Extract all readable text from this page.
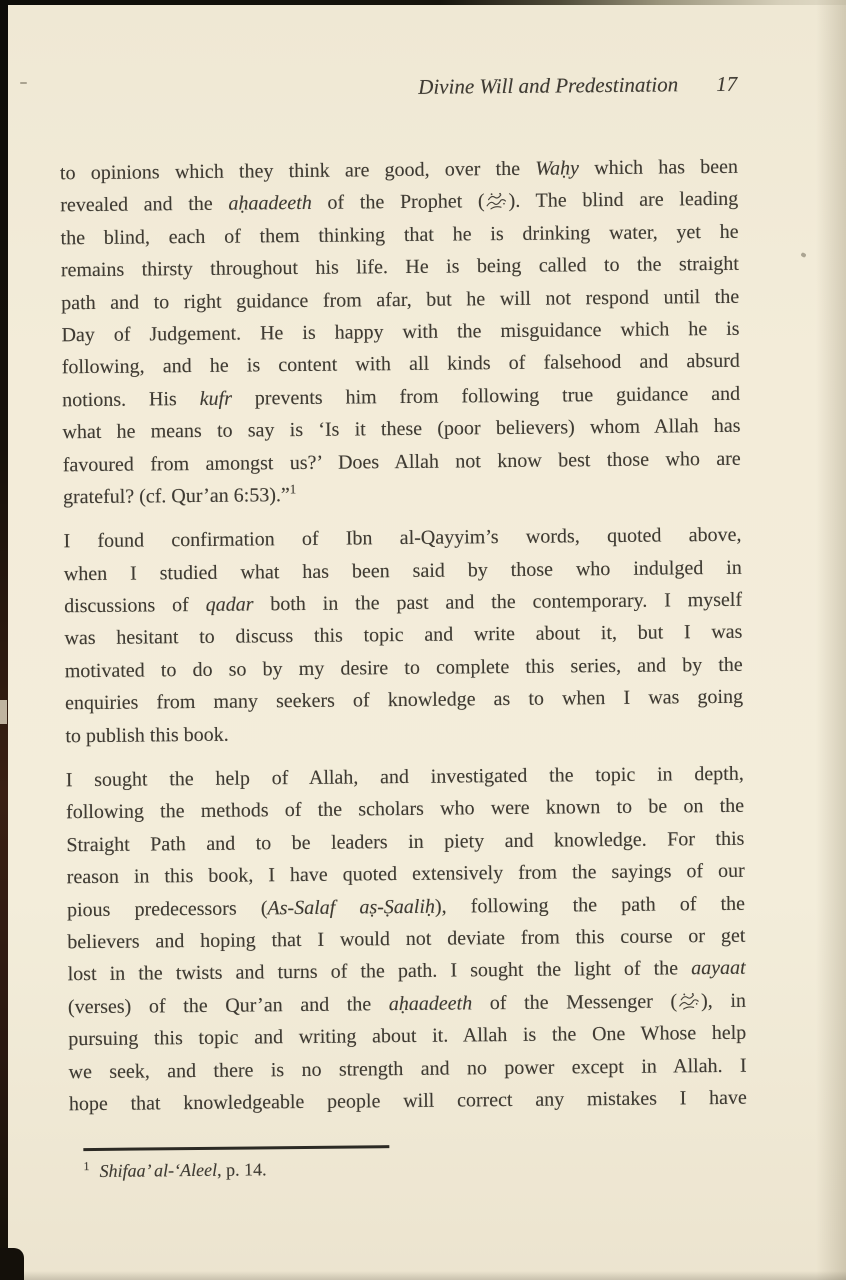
Divine Will and Predestination 17
to opinions which they think are good, over the Waḥy which has been
revealed and the aḥaadeeth of the Prophet ( ). The blind are leading
the blind, each of them thinking that he is drinking water, yet he
remains thirsty throughout his life. He is being called to the straight
path and to right guidance from afar, but he will not respond until the
Day of Judgement. He is happy with the misguidance which he is
following, and he is content with all kinds of falsehood and absurd
notions. His kufr prevents him from following true guidance and
what he means to say is ‘Is it these (poor believers) whom Allah has
favoured from amongst us?’ Does Allah not know best those who are
grateful? (cf. Qur’an 6:53).”$^1$
I found confirmation of Ibn al-Qayyim’s words, quoted above,
when I studied what has been said by those who indulged in
discussions of qadar both in the past and the contemporary. I myself
was hesitant to discuss this topic and write about it, but I was
motivated to do so by my desire to complete this series, and by the
enquiries from many seekers of knowledge as to when I was going
to publish this book.
I sought the help of Allah, and investigated the topic in depth,
following the methods of the scholars who were known to be on the
Straight Path and to be leaders in piety and knowledge. For this
reason in this book, I have quoted extensively from the sayings of our
pious predecessors (As-Salaf aṣ-Ṣaaliḥ), following the path of the
believers and hoping that I would not deviate from this course or get
lost in the twists and turns of the path. I sought the light of the aayaat
(verses) of the Qur’an and the aḥaadeeth of the Messenger ( ), in
pursuing this topic and writing about it. Allah is the One Whose help
we seek, and there is no strength and no power except in Allah. I
hope that knowledgeable people will correct any mistakes I have
$^1$ Shifaa’ al-‘Aleel, p. 14.
